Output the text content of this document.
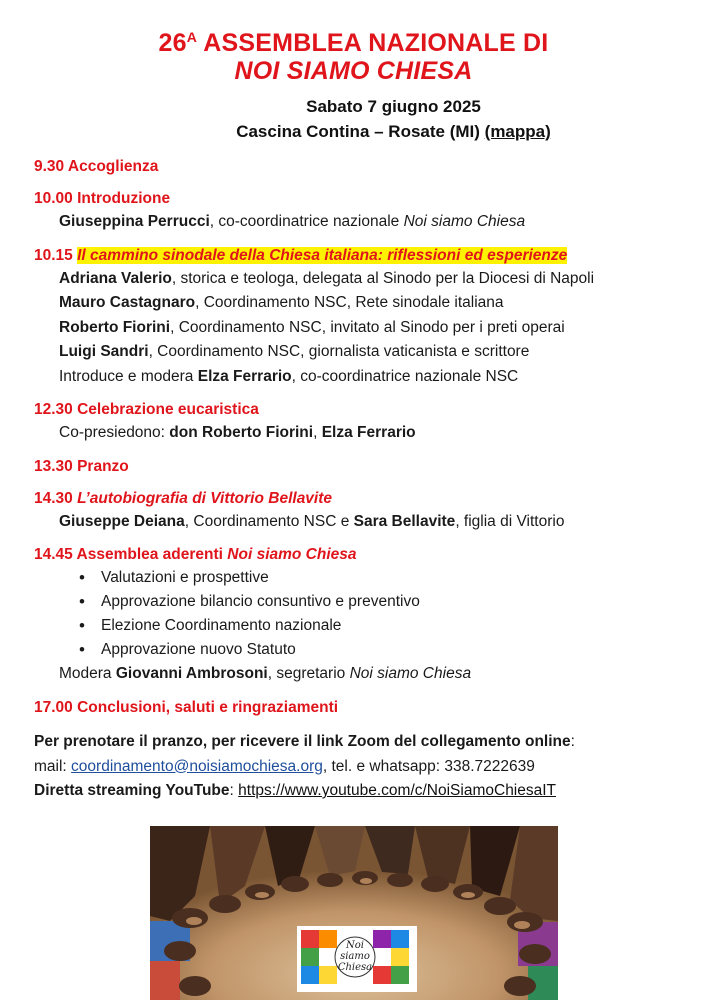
$26^A$ ASSEMBLEA NAZIONALE DI
NOI SIAMO CHIESA
Sabato 7 giugno 2025
Cascina Contina – Rosate (MI) (mappa)
9.30 Accoglienza
10.00 Introduzione
Giuseppina Perrucci, co-coordinatrice nazionale Noi siamo Chiesa
10.15 Il cammino sinodale della Chiesa italiana: riflessioni ed esperienze
Adriana Valerio, storica e teologa, delegata al Sinodo per la Diocesi di Napoli
Mauro Castagnaro, Coordinamento NSC, Rete sinodale italiana
Roberto Fiorini, Coordinamento NSC, invitato al Sinodo per i preti operai
Luigi Sandri, Coordinamento NSC, giornalista vaticanista e scrittore
Introduce e modera Elza Ferrario, co-coordinatrice nazionale NSC
12.30 Celebrazione eucaristica
Co-presiedono: don Roberto Fiorini, Elza Ferrario
13.30 Pranzo
14.30 L’autobiografia di Vittorio Bellavite
Giuseppe Deiana, Coordinamento NSC e Sara Bellavite, figlia di Vittorio
14.45 Assemblea aderenti Noi siamo Chiesa
• Valutazioni e prospettive
• Approvazione bilancio consuntivo e preventivo
• Elezione Coordinamento nazionale
• Approvazione nuovo Statuto
Modera Giovanni Ambrosoni, segretario Noi siamo Chiesa
17.00 Conclusioni, saluti e ringraziamenti
Per prenotare il pranzo, per ricevere il link Zoom del collegamento online:
mail: coordinamento@noisiamochiesa.org, tel. e whatsapp: 338.7222639
Diretta streaming YouTube: https://www.youtube.com/c/NoiSiamoChiesaIT
Noi
siamo
Chiesa
